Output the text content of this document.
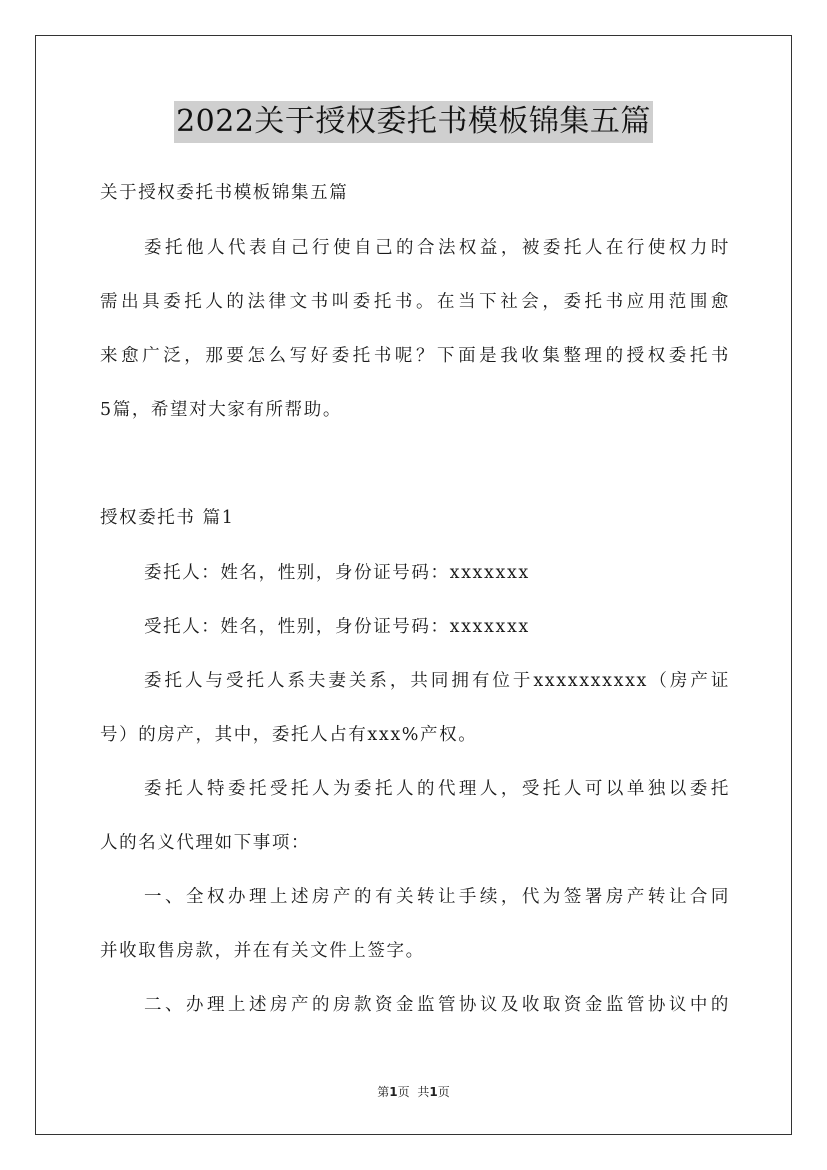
2022关于授权委托书模板锦集五篇
关于授权委托书模板锦集五篇
委托他人代表自己行使自己的合法权益，被委托人在行使权力时
需出具委托人的法律文书叫委托书。在当下社会，委托书应用范围愈
来愈广泛，那要怎么写好委托书呢？下面是我收集整理的授权委托书
5篇，希望对大家有所帮助。
授权委托书 篇1
委托人：姓名，性别，身份证号码：xxxxxxx
受托人：姓名，性别，身份证号码：xxxxxxx
委托人与受托人系夫妻关系，共同拥有位于xxxxxxxxxx（房产证
号）的房产，其中，委托人占有xxx%产权。
委托人特委托受托人为委托人的代理人，受托人可以单独以委托
人的名义代理如下事项：
一、全权办理上述房产的有关转让手续，代为签署房产转让合同
并收取售房款，并在有关文件上签字。
二、办理上述房产的房款资金监管协议及收取资金监管协议中的
第1页 共1页
